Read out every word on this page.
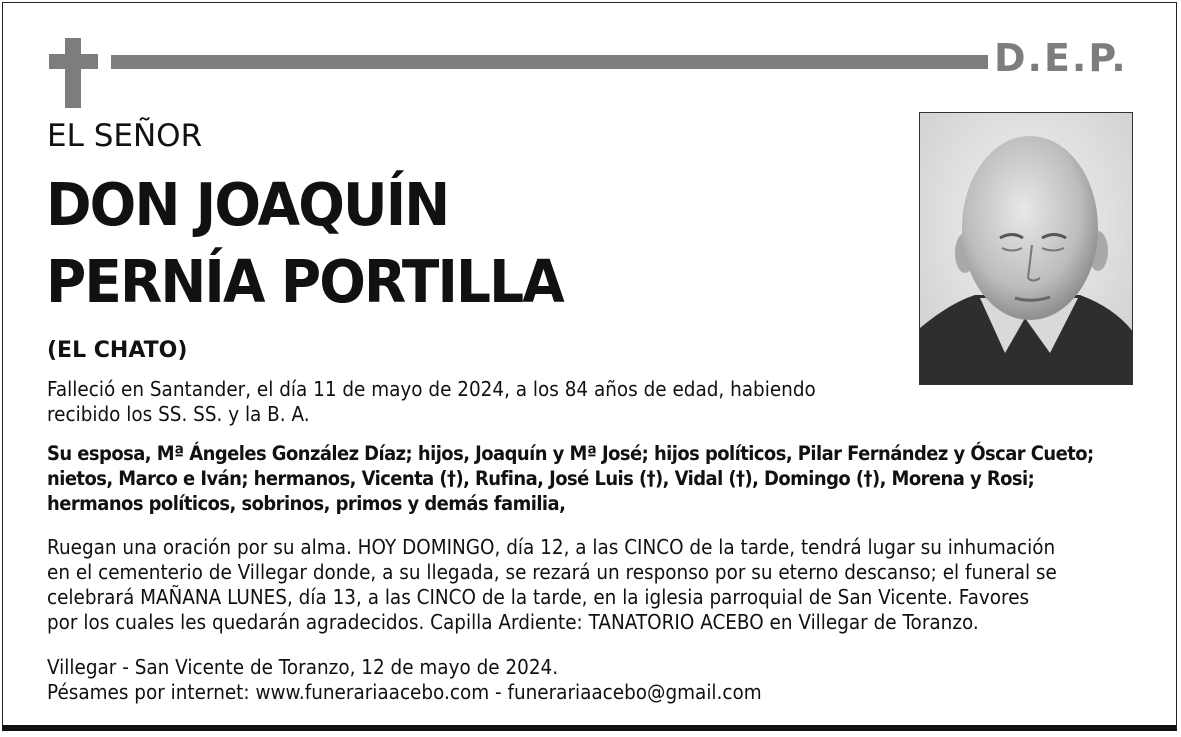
D.E.P.
EL SEÑOR
DON JOAQUÍN
PERNÍA PORTILLA
(EL CHATO)

Falleció en Santander, el día 11 de mayo de 2024, a los 84 años de edad, habiendo
recibido los SS. SS. y la B. A.

Su esposa, Mª Ángeles González Díaz; hijos, Joaquín y Mª José; hijos políticos, Pilar Fernández y Óscar Cueto;
nietos, Marco e Iván; hermanos, Vicenta (†), Rufina, José Luis (†), Vidal (†), Domingo (†), Morena y Rosi;
hermanos políticos, sobrinos, primos y demás familia,

Ruegan una oración por su alma. HOY DOMINGO, día 12, a las CINCO de la tarde, tendrá lugar su inhumación
en el cementerio de Villegar donde, a su llegada, se rezará un responso por su eterno descanso; el funeral se
celebrará MAÑANA LUNES, día 13, a las CINCO de la tarde, en la iglesia parroquial de San Vicente. Favores
por los cuales les quedarán agradecidos. Capilla Ardiente: TANATORIO ACEBO en Villegar de Toranzo.

Villegar - San Vicente de Toranzo, 12 de mayo de 2024.
Pésames por internet: www.funerariaacebo.com - funerariaacebo@gmail.com
